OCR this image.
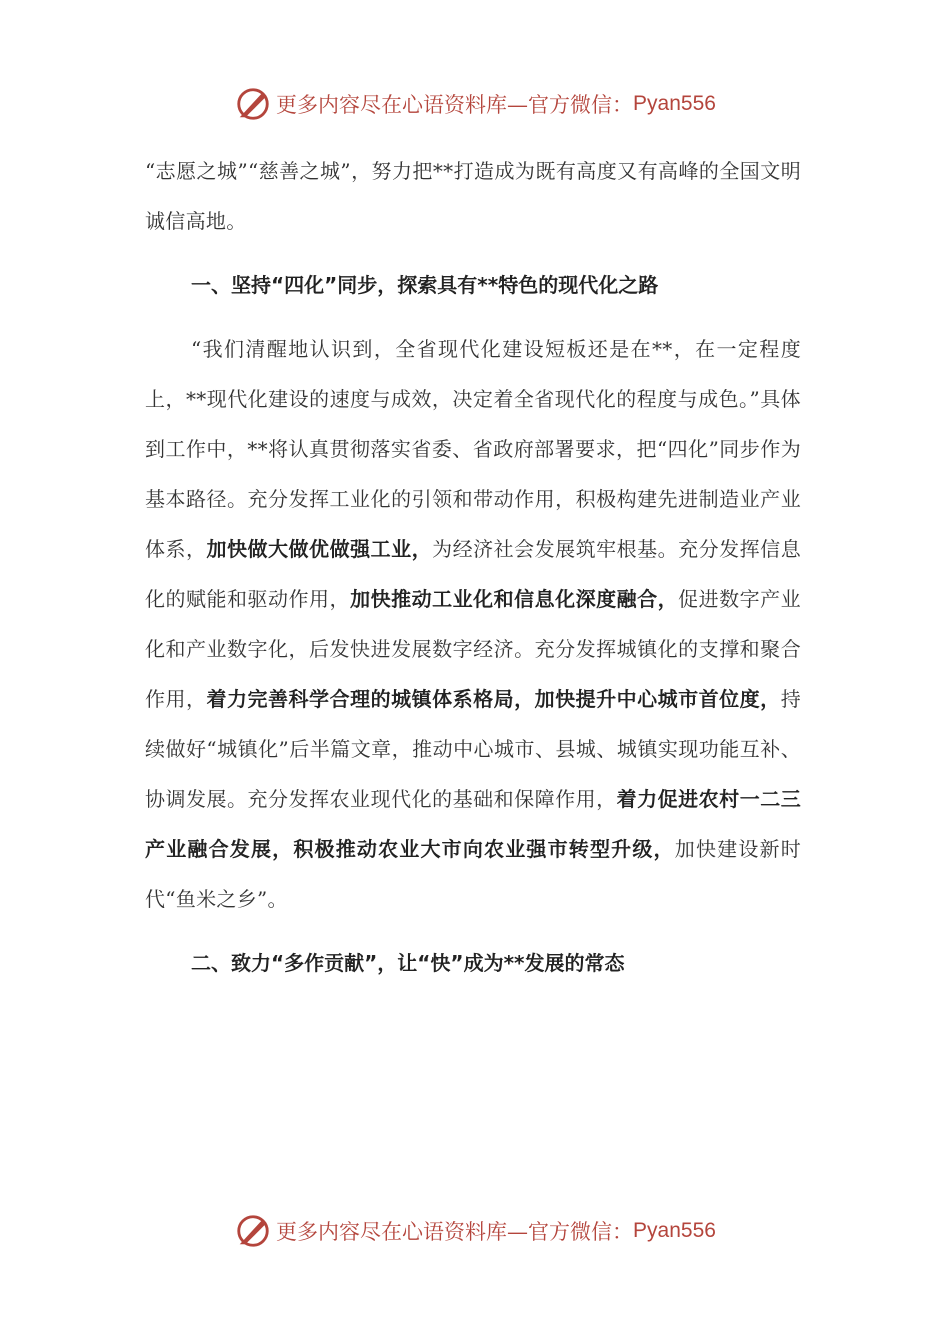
更多内容尽在心语资料库—官方微信： Pyan556

“志愿之城”“慈善之城”，努力把**打造成为既有高度又有高峰的全国文明诚信高地。

一、坚持“四化”同步，探索具有**特色的现代化之路

“我们清醒地认识到，全省现代化建设短板还是在**，在一定程度上，**现代化建设的速度与成效，决定着全省现代化的程度与成色。”具体到工作中，**将认真贯彻落实省委、省政府部署要求，把“四化”同步作为基本路径。充分发挥工业化的引领和带动作用，积极构建先进制造业产业体系，加快做大做优做强工业，为经济社会发展筑牢根基。充分发挥信息化的赋能和驱动作用，加快推动工业化和信息化深度融合，促进数字产业化和产业数字化，后发快进发展数字经济。充分发挥城镇化的支撑和聚合作用，着力完善科学合理的城镇体系格局，加快提升中心城市首位度，持续做好“城镇化”后半篇文章，推动中心城市、县城、城镇实现功能互补、协调发展。充分发挥农业现代化的基础和保障作用，着力促进农村一二三产业融合发展，积极推动农业大市向农业强市转型升级，加快建设新时代“鱼米之乡”。

二、致力“多作贡献”，让“快”成为**发展的常态

更多内容尽在心语资料库—官方微信： Pyan556
